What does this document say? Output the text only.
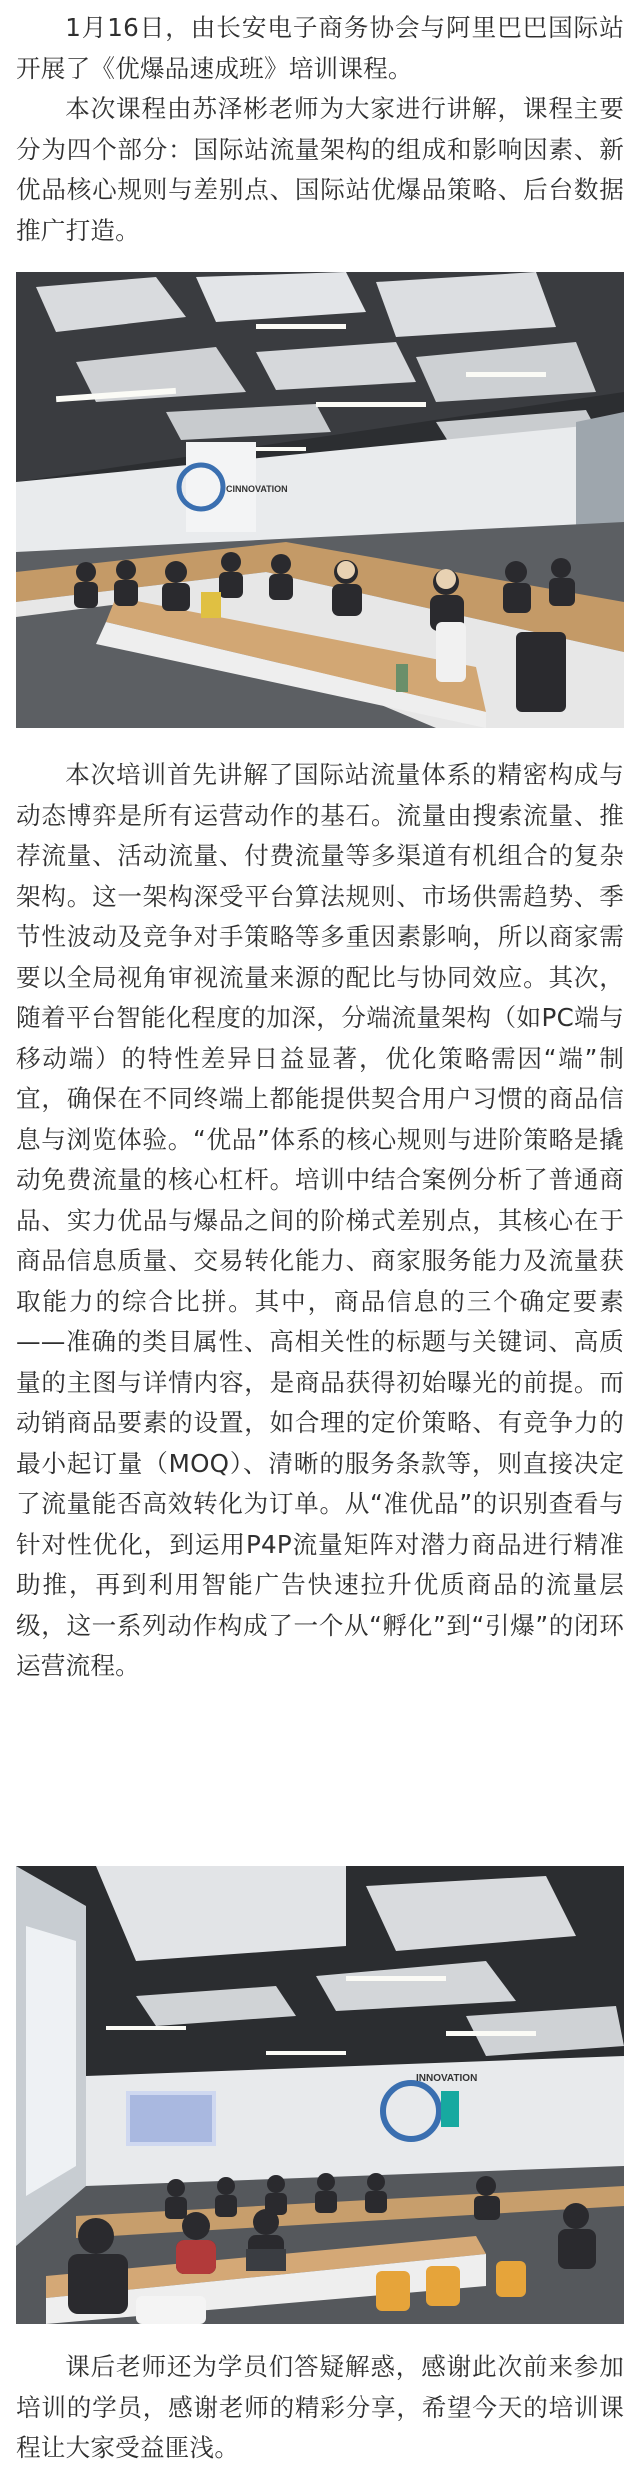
1月16日，由长安电子商务协会与阿里巴巴国际站开展了《优爆品速成班》培训课程。

本次课程由苏泽彬老师为大家进行讲解，课程主要分为四个部分：国际站流量架构的组成和影响因素、新优品核心规则与差别点、国际站优爆品策略、后台数据推广打造。

CINNOVATION

本次培训首先讲解了国际站流量体系的精密构成与动态博弈是所有运营动作的基石。流量由搜索流量、推荐流量、活动流量、付费流量等多渠道有机组合的复杂架构。这一架构深受平台算法规则、市场供需趋势、季节性波动及竞争对手策略等多重因素影响，所以商家需要以全局视角审视流量来源的配比与协同效应。其次，随着平台智能化程度的加深，分端流量架构（如PC端与移动端）的特性差异日益显著，优化策略需因“端”制宜，确保在不同终端上都能提供契合用户习惯的商品信息与浏览体验。“优品”体系的核心规则与进阶策略是撬动免费流量的核心杠杆。培训中结合案例分析了普通商品、实力优品与爆品之间的阶梯式差别点，其核心在于商品信息质量、交易转化能力、商家服务能力及流量获取能力的综合比拼。其中，商品信息的三个确定要素——准确的类目属性、高相关性的标题与关键词、高质量的主图与详情内容，是商品获得初始曝光的前提。而动销商品要素的设置，如合理的定价策略、有竞争力的最小起订量（MOQ）、清晰的服务条款等，则直接决定了流量能否高效转化为订单。从“准优品”的识别查看与针对性优化，到运用P4P流量矩阵对潜力商品进行精准助推，再到利用智能广告快速拉升优质商品的流量层级，这一系列动作构成了一个从“孵化”到“引爆”的闭环运营流程。

INNOVATION

课后老师还为学员们答疑解惑，感谢此次前来参加培训的学员，感谢老师的精彩分享，希望今天的培训课程让大家受益匪浅。
